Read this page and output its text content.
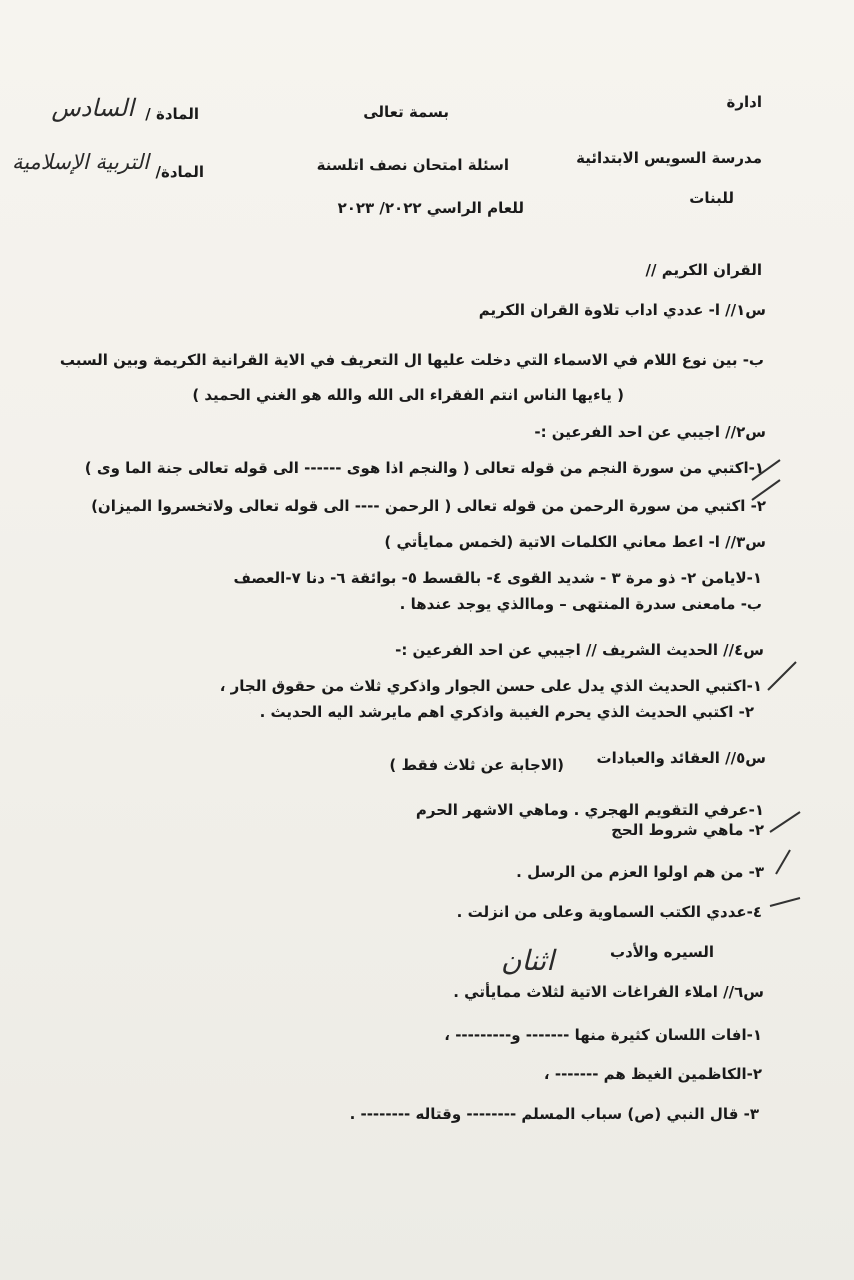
ادارة
بسمة تعالى
المادة /
السادس
مدرسة السويس الابتدائية
اسئلة امتحان نصف اتلسنة
المادة/
التربية الإسلامية
للبنات
للعام الراسي ٢٠٢٢/ ٢٠٢٣
القران الكريم //
س١// ا- عددي اداب تلاوة القران الكريم
ب- بين نوع اللام في الاسماء التي دخلت عليها ال التعريف في الاية القرانية الكريمة وبين السبب
( ياءيها الناس انتم الفقراء الى الله والله هو الغني الحميد )
س٢// اجيبي عن احد الفرعين :-
١-اكتبي من سورة النجم من قوله تعالى ( والنجم اذا هوى ------ الى قوله تعالى جنة الما وى )
٢- اكتبي من سورة الرحمن من قوله تعالى ( الرحمن ---- الى قوله تعالى ولاتخسروا الميزان)
س٣// ا- اعط معاني الكلمات الاتية (لخمس ممايأتي )
١-لايامن ٢- ذو مرة ٣ - شديد القوى ٤- بالقسط ٥- بوائقة ٦- دنا ٧-العصف
ب- مامعنى سدرة المنتهى – وماالذي يوجد عندها .
س٤// الحديث الشريف // اجيبي عن احد الفرعين :-
١-اكتبي الحديث الذي يدل على حسن الجوار واذكري ثلاث من حقوق الجار ،
٢- اكتبي الحديث الذي يحرم الغيبة واذكري اهم مايرشد اليه الحديث .
س٥// العقائد والعبادات
(الاجابة عن ثلاث فقط )
١-عرفي التقويم الهجري . وماهي الاشهر الحرم
٢- ماهي شروط الحج
٣- من هم اولوا العزم من الرسل .
٤-عددي الكتب السماوية وعلى من انزلت .
السيره والأدب
اثنان
س٦// املاء الفراغات الاتية لثلاث ممايأتي .
١-افات اللسان كثيرة منها ------- و--------- ،
٢-الكاظمين الغيظ هم ------- ،
٣- قال النبي (ص) سباب المسلم -------- وقتاله -------- .
